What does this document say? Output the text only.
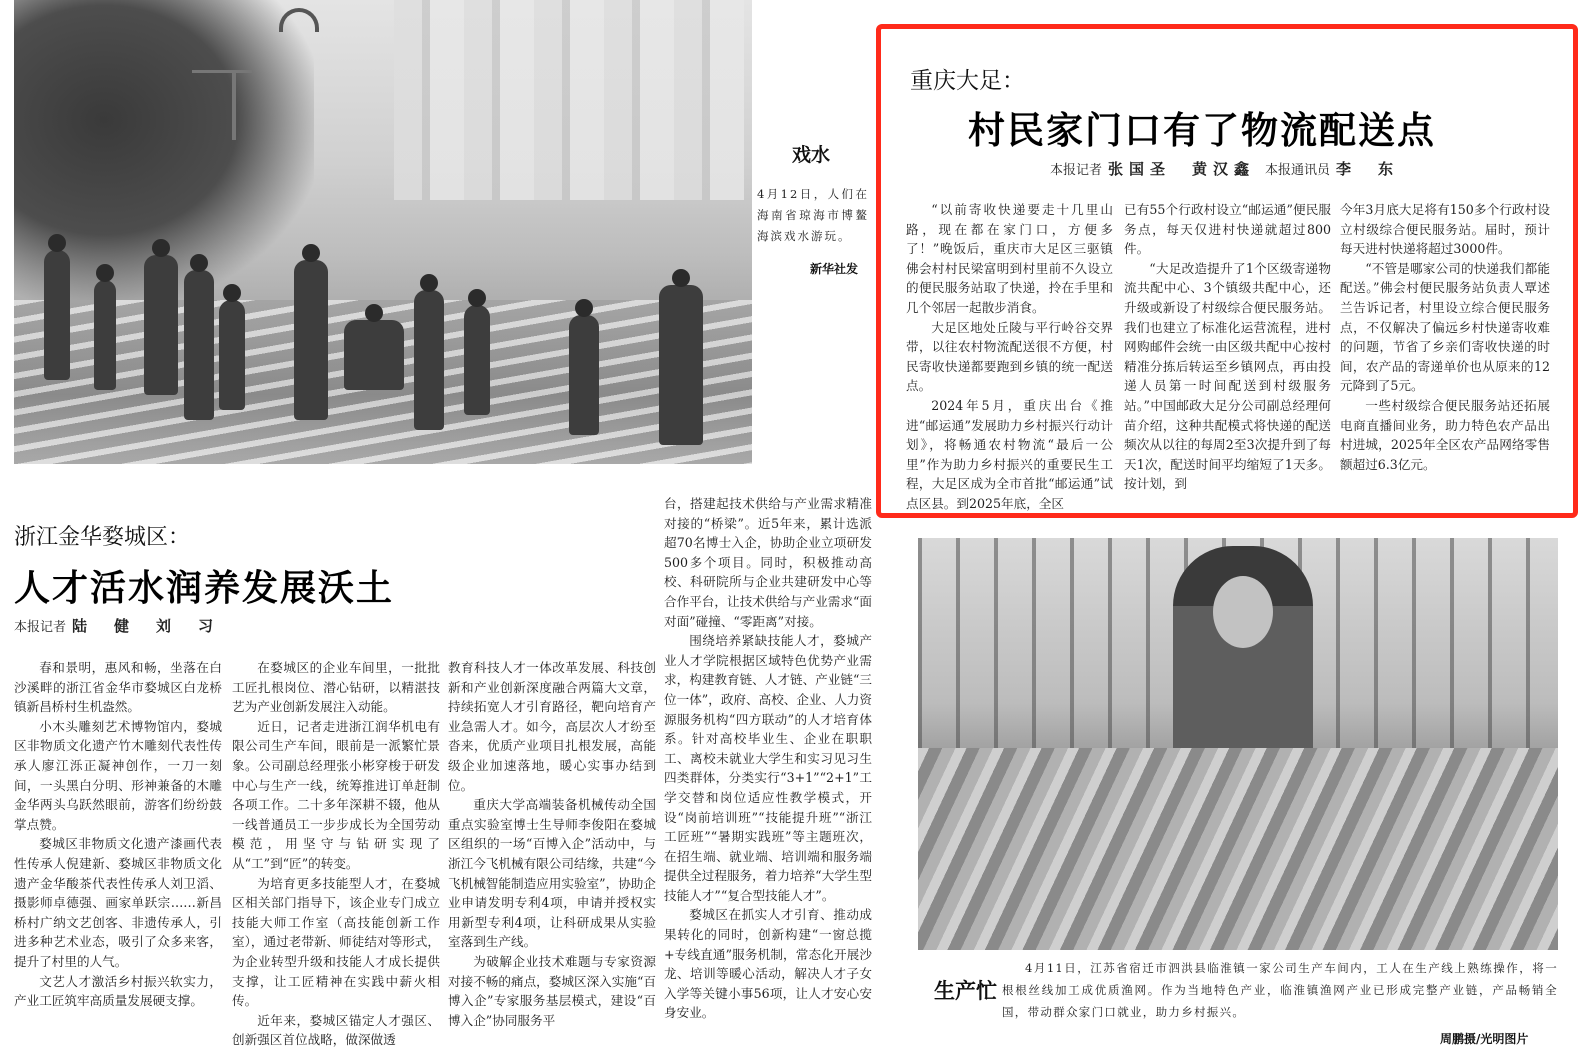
戏水
4月12日，人们在海南省琼海市博鳌海滨戏水游玩。
新华社发
重庆大足：
村民家门口有了物流配送点
本报记者 张国圣　黄汉鑫 本报通讯员 李　东

“以前寄收快递要走十几里山路，现在都在家门口，方便多了！”晚饭后，重庆市大足区三驱镇佛会村村民梁富明到村里前不久设立的便民服务站取了快递，拎在手里和几个邻居一起散步消食。

大足区地处丘陵与平行岭谷交界带，以往农村物流配送很不方便，村民寄收快递都要跑到乡镇的统一配送点。

2024年5月，重庆出台《推进“邮运通”发展助力乡村振兴行动计划》，将畅通农村物流“最后一公里”作为助力乡村振兴的重要民生工程，大足区成为全市首批“邮运通”试点区县。到2025年底，全区

已有55个行政村设立“邮运通”便民服务点，每天仅进村快递就超过800件。

“大足改造提升了1个区级寄递物流共配中心、3个镇级共配中心，还升级或新设了村级综合便民服务站。我们也建立了标准化运营流程，进村网购邮件会统一由区级共配中心按村精准分拣后转运至乡镇网点，再由投递人员第一时间配送到村级服务站。”中国邮政大足分公司副总经理何苗介绍，这种共配模式将快递的配送频次从以往的每周2至3次提升到了每天1次，配送时间平均缩短了1天多。按计划，到

今年3月底大足将有150多个行政村设立村级综合便民服务站。届时，预计每天进村快递将超过3000件。

“不管是哪家公司的快递我们都能配送。”佛会村便民服务站负责人覃述兰告诉记者，村里设立综合便民服务点，不仅解决了偏远乡村快递寄收难的问题，节省了乡亲们寄收快递的时间，农产品的寄递单价也从原来的12元降到了5元。

一些村级综合便民服务站还拓展电商直播间业务，助力特色农产品出村进城，2025年全区农产品网络零售额超过6.3亿元。

浙江金华婺城区：
人才活水润养发展沃土
本报记者 陆　健　刘　习

春和景明，惠风和畅，坐落在白沙溪畔的浙江省金华市婺城区白龙桥镇新昌桥村生机盎然。

小木头雕刻艺术博物馆内，婺城区非物质文化遗产竹木雕刻代表性传承人廖江泺正凝神创作，一刀一刻间，一头黑白分明、形神兼备的木雕金华两头乌跃然眼前，游客们纷纷鼓掌点赞。

婺城区非物质文化遗产漆画代表性传承人倪建新、婺城区非物质文化遗产金华酸茶代表性传承人刘卫滔、摄影师卓德强、画家单跃宗……新昌桥村广纳文艺创客、非遗传承人，引进多种艺术业态，吸引了众多来客，提升了村里的人气。

文艺人才激活乡村振兴软实力，产业工匠筑牢高质量发展硬支撑。

在婺城区的企业车间里，一批批工匠扎根岗位、潜心钻研，以精湛技艺为产业创新发展注入动能。

近日，记者走进浙江润华机电有限公司生产车间，眼前是一派繁忙景象。公司副总经理张小彬穿梭于研发中心与生产一线，统筹推进订单赶制各项工作。二十多年深耕不辍，他从一线普通员工一步步成长为全国劳动模范，用坚守与钻研实现了从“工”到“匠”的转变。

为培育更多技能型人才，在婺城区相关部门指导下，该企业专门成立技能大师工作室（高技能创新工作室），通过老带新、师徒结对等形式，为企业转型升级和技能人才成长提供支撑，让工匠精神在实践中薪火相传。

近年来，婺城区锚定人才强区、创新强区首位战略，做深做透

教育科技人才一体改革发展、科技创新和产业创新深度融合两篇大文章，持续拓宽人才引育路径，靶向培育产业急需人才。如今，高层次人才纷至沓来，优质产业项目扎根发展，高能级企业加速落地，暖心实事办结到位。

重庆大学高端装备机械传动全国重点实验室博士生导师李俊阳在婺城区组织的一场“百博入企”活动中，与浙江今飞机械有限公司结缘，共建“今飞机械智能制造应用实验室”，协助企业申请发明专利4项，申请并授权实用新型专利4项，让科研成果从实验室落到生产线。

为破解企业技术难题与专家资源对接不畅的痛点，婺城区深入实施“百博入企”专家服务基层模式，建设“百博入企”协同服务平

台，搭建起技术供给与产业需求精准对接的“桥梁”。近5年来，累计选派超70名博士入企，协助企业立项研发500多个项目。同时，积极推动高校、科研院所与企业共建研发中心等合作平台，让技术供给与产业需求“面对面”碰撞、“零距离”对接。

围绕培养紧缺技能人才，婺城产业人才学院根据区域特色优势产业需求，构建教育链、人才链、产业链“三位一体”，政府、高校、企业、人力资源服务机构“四方联动”的人才培育体系。针对高校毕业生、企业在职职工、离校未就业大学生和实习见习生四类群体，分类实行“3+1”“2+1”工学交替和岗位适应性教学模式，开设“岗前培训班”“技能提升班”“浙江工匠班”“暑期实践班”等主题班次，在招生端、就业端、培训端和服务端提供全过程服务，着力培养“大学生型技能人才”“复合型技能人才”。

婺城区在抓实人才引育、推动成果转化的同时，创新构建“一窗总揽+专线直通”服务机制，常态化开展沙龙、培训等暖心活动，解决人才子女入学等关键小事56项，让人才安心安身安业。

生产忙
4月11日，江苏省宿迁市泗洪县临淮镇一家公司生产车间内，工人在生产线上熟练操作，将一根根丝线加工成优质渔网。作为当地特色产业，临淮镇渔网产业已形成完整产业链，产品畅销全国，带动群众家门口就业，助力乡村振兴。
周鹏摄/光明图片
